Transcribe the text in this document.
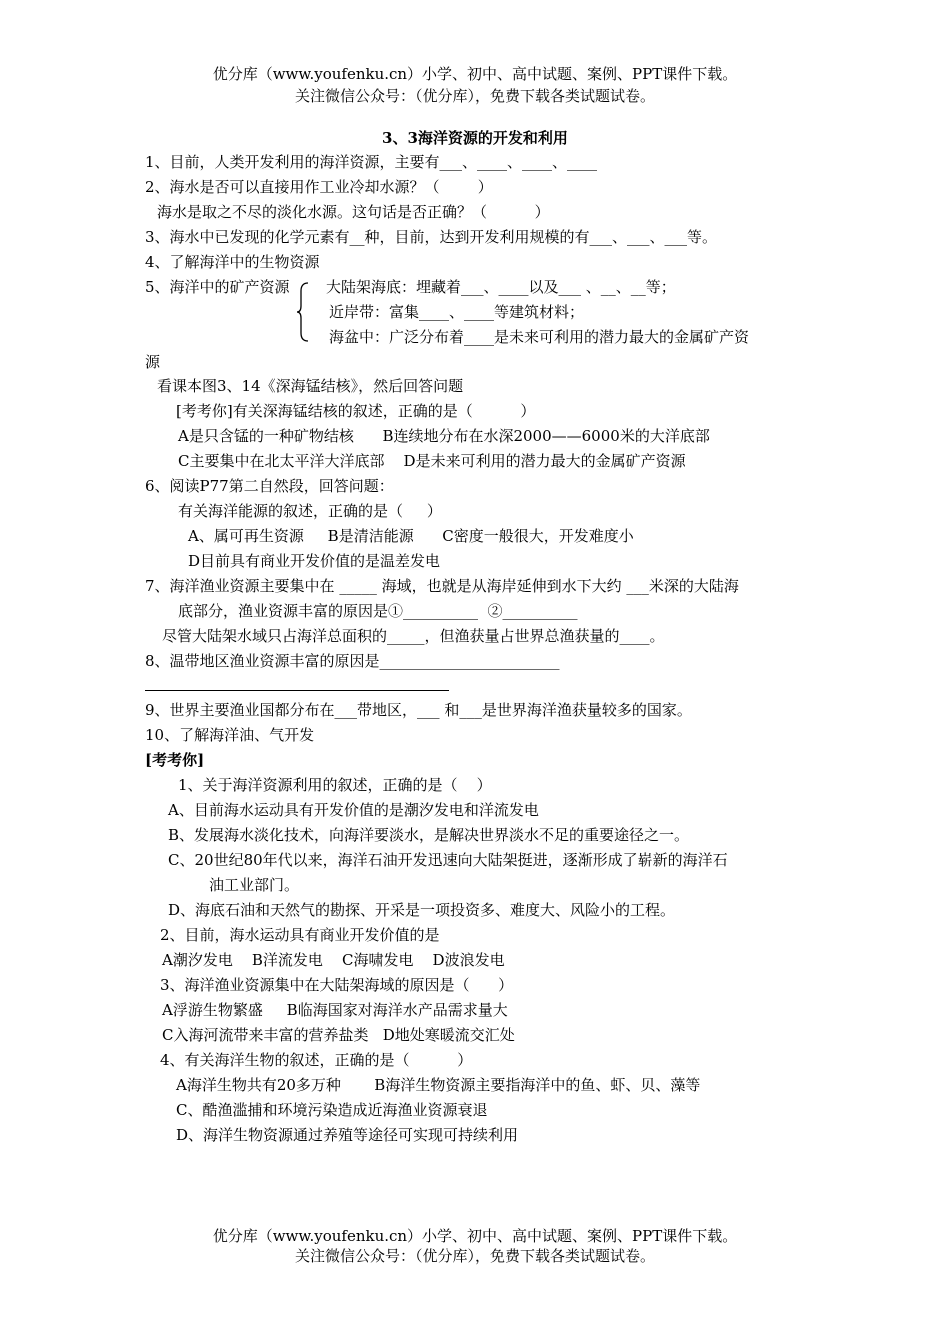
优分库（www.youfenku.cn）小学、初中、高中试题、案例、PPT课件下载。
关注微信公众号：（优分库），免费下载各类试题试卷。
3、3海洋资源的开发和利用
1、目前，人类开发利用的海洋资源，主要有___、____、____、____
2、海水是否可以直接用作工业冷却水源？（        ）
海水是取之不尽的淡化水源。这句话是否正确？（          ）
3、海水中已发现的化学元素有__种，目前，达到开发利用规模的有___、___、___等。
4、了解海洋中的生物资源
5、海洋中的矿产资源 大陆架海底：埋藏着___、____以及___ 、__、__等；
近岸带：富集____、____等建筑材料；
海盆中：广泛分布着____是未来可利用的潜力最大的金属矿产资
源
看课本图3、14《深海锰结核》，然后回答问题
[考考你]有关深海锰结核的叙述，正确的是（          ）
A是只含锰的一种矿物结核      B连续地分布在水深2000——6000米的大洋底部
C主要集中在北太平洋大洋底部    D是未来可利用的潜力最大的金属矿产资源
6、阅读P77第二自然段，回答问题：
有关海洋能源的叙述，正确的是（     ）
A、属可再生资源     B是清洁能源      C密度一般很大，开发难度小
D目前具有商业开发价值的是温差发电
7、海洋渔业资源主要集中在 _____ 海域，也就是从海岸延伸到水下大约 ___米深的大陆海
底部分，渔业资源丰富的原因是①__________  ②__________
尽管大陆架水域只占海洋总面积的_____，但渔获量占世界总渔获量的____。
8、温带地区渔业资源丰富的原因是________________________
9、世界主要渔业国都分布在___带地区，___ 和___是世界海洋渔获量较多的国家。
10、了解海洋油、气开发
[考考你]
1、关于海洋资源利用的叙述，正确的是（    ）
A、目前海水运动具有开发价值的是潮汐发电和洋流发电
B、发展海水淡化技术，向海洋要淡水，是解决世界淡水不足的重要途径之一。
C、20世纪80年代以来，海洋石油开发迅速向大陆架挺进，逐渐形成了崭新的海洋石
油工业部门。
D、海底石油和天然气的勘探、开采是一项投资多、难度大、风险小的工程。
2、目前，海水运动具有商业开发价值的是
A潮汐发电    B洋流发电    C海啸发电    D波浪发电
3、海洋渔业资源集中在大陆架海域的原因是（      ）
A浮游生物繁盛     B临海国家对海洋水产品需求量大
C入海河流带来丰富的营养盐类   D地处寒暖流交汇处
4、有关海洋生物的叙述，正确的是（          ）
A海洋生物共有20多万种       B海洋生物资源主要指海洋中的鱼、虾、贝、藻等
C、酷渔滥捕和环境污染造成近海渔业资源衰退
D、海洋生物资源通过养殖等途径可实现可持续利用
优分库（www.youfenku.cn）小学、初中、高中试题、案例、PPT课件下载。
关注微信公众号：（优分库），免费下载各类试题试卷。
